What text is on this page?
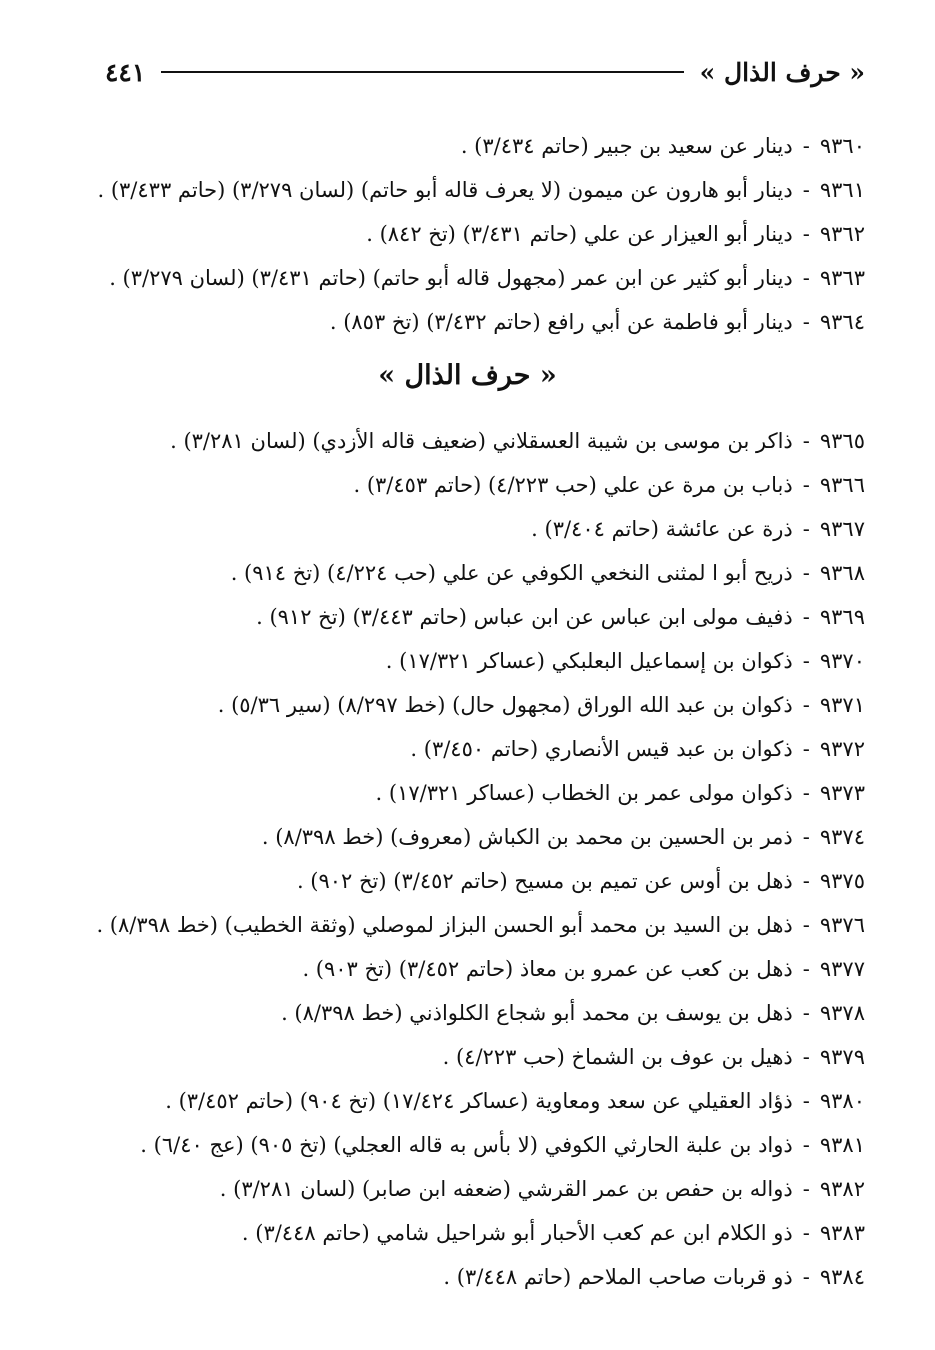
« حرف الذال »
٤٤١
٩٣٦٠
-
دينار عن سعيد بن جبير (حاتم ٣/٤٣٤) .
٩٣٦١
-
دينار أبو هارون عن ميمون (لا يعرف قاله أبو حاتم) (لسان ٣/٢٧٩) (حاتم ٣/٤٣٣) .
٩٣٦٢
-
دينار أبو العيزار عن علي (حاتم ٣/٤٣١) (تخ ٨٤٢) .
٩٣٦٣
-
دينار أبو كثير عن ابن عمر (مجهول قاله أبو حاتم) (حاتم ٣/٤٣١) (لسان ٣/٢٧٩) .
٩٣٦٤
-
دينار أبو فاطمة عن أبي رافع (حاتم ٣/٤٣٢) (تخ ٨٥٣) .
« حرف الذال »
٩٣٦٥
-
ذاكر بن موسى بن شيبة العسقلاني (ضعيف قاله الأزدي) (لسان ٣/٢٨١) .
٩٣٦٦
-
ذباب بن مرة عن علي (حب ٤/٢٢٣) (حاتم ٣/٤٥٣) .
٩٣٦٧
-
ذرة عن عائشة (حاتم ٣/٤٠٤) .
٩٣٦٨
-
ذريح أبو ا لمثنى النخعي الكوفي عن علي (حب ٤/٢٢٤) (تخ ٩١٤) .
٩٣٦٩
-
ذفيف مولى ابن عباس عن ابن عباس (حاتم ٣/٤٤٣) (تخ ٩١٢) .
٩٣٧٠
-
ذكوان بن إسماعيل البعلبكي (عساكر ١٧/٣٢١) .
٩٣٧١
-
ذكوان بن عبد الله الوراق (مجهول حال) (خط ٨/٢٩٧) (سير ٥/٣٦) .
٩٣٧٢
-
ذكوان بن عبد قيس الأنصاري (حاتم ٣/٤٥٠) .
٩٣٧٣
-
ذكوان مولى عمر بن الخطاب (عساكر ١٧/٣٢١) .
٩٣٧٤
-
ذمر بن الحسين بن محمد بن الكباش (معروف) (خط ٨/٣٩٨) .
٩٣٧٥
-
ذهل بن أوس عن تميم بن مسيح (حاتم ٣/٤٥٢) (تخ ٩٠٢) .
٩٣٧٦
-
ذهل بن السيد بن محمد أبو الحسن البزاز لموصلي (وثقة الخطيب) (خط ٨/٣٩٨) .
٩٣٧٧
-
ذهل بن كعب عن عمرو بن معاذ (حاتم ٣/٤٥٢) (تخ ٩٠٣) .
٩٣٧٨
-
ذهل بن يوسف بن محمد أبو شجاع الكلواذني (خط ٨/٣٩٨) .
٩٣٧٩
-
ذهيل بن عوف بن الشماخ (حب ٤/٢٢٣) .
٩٣٨٠
-
ذؤاد العقيلي عن سعد ومعاوية (عساكر ١٧/٤٢٤) (تخ ٩٠٤) (حاتم ٣/٤٥٢) .
٩٣٨١
-
ذواد بن علبة الحارثي الكوفي (لا بأس به قاله العجلي) (تخ ٩٠٥) (عج ٦/٤٠) .
٩٣٨٢
-
ذواله بن حفص بن عمر القرشي (ضعفه ابن صابر) (لسان ٣/٢٨١) .
٩٣٨٣
-
ذو الكلام ابن عم كعب الأحبار أبو شراحيل شامي (حاتم ٣/٤٤٨) .
٩٣٨٤
-
ذو قربات صاحب الملاحم (حاتم ٣/٤٤٨) .
